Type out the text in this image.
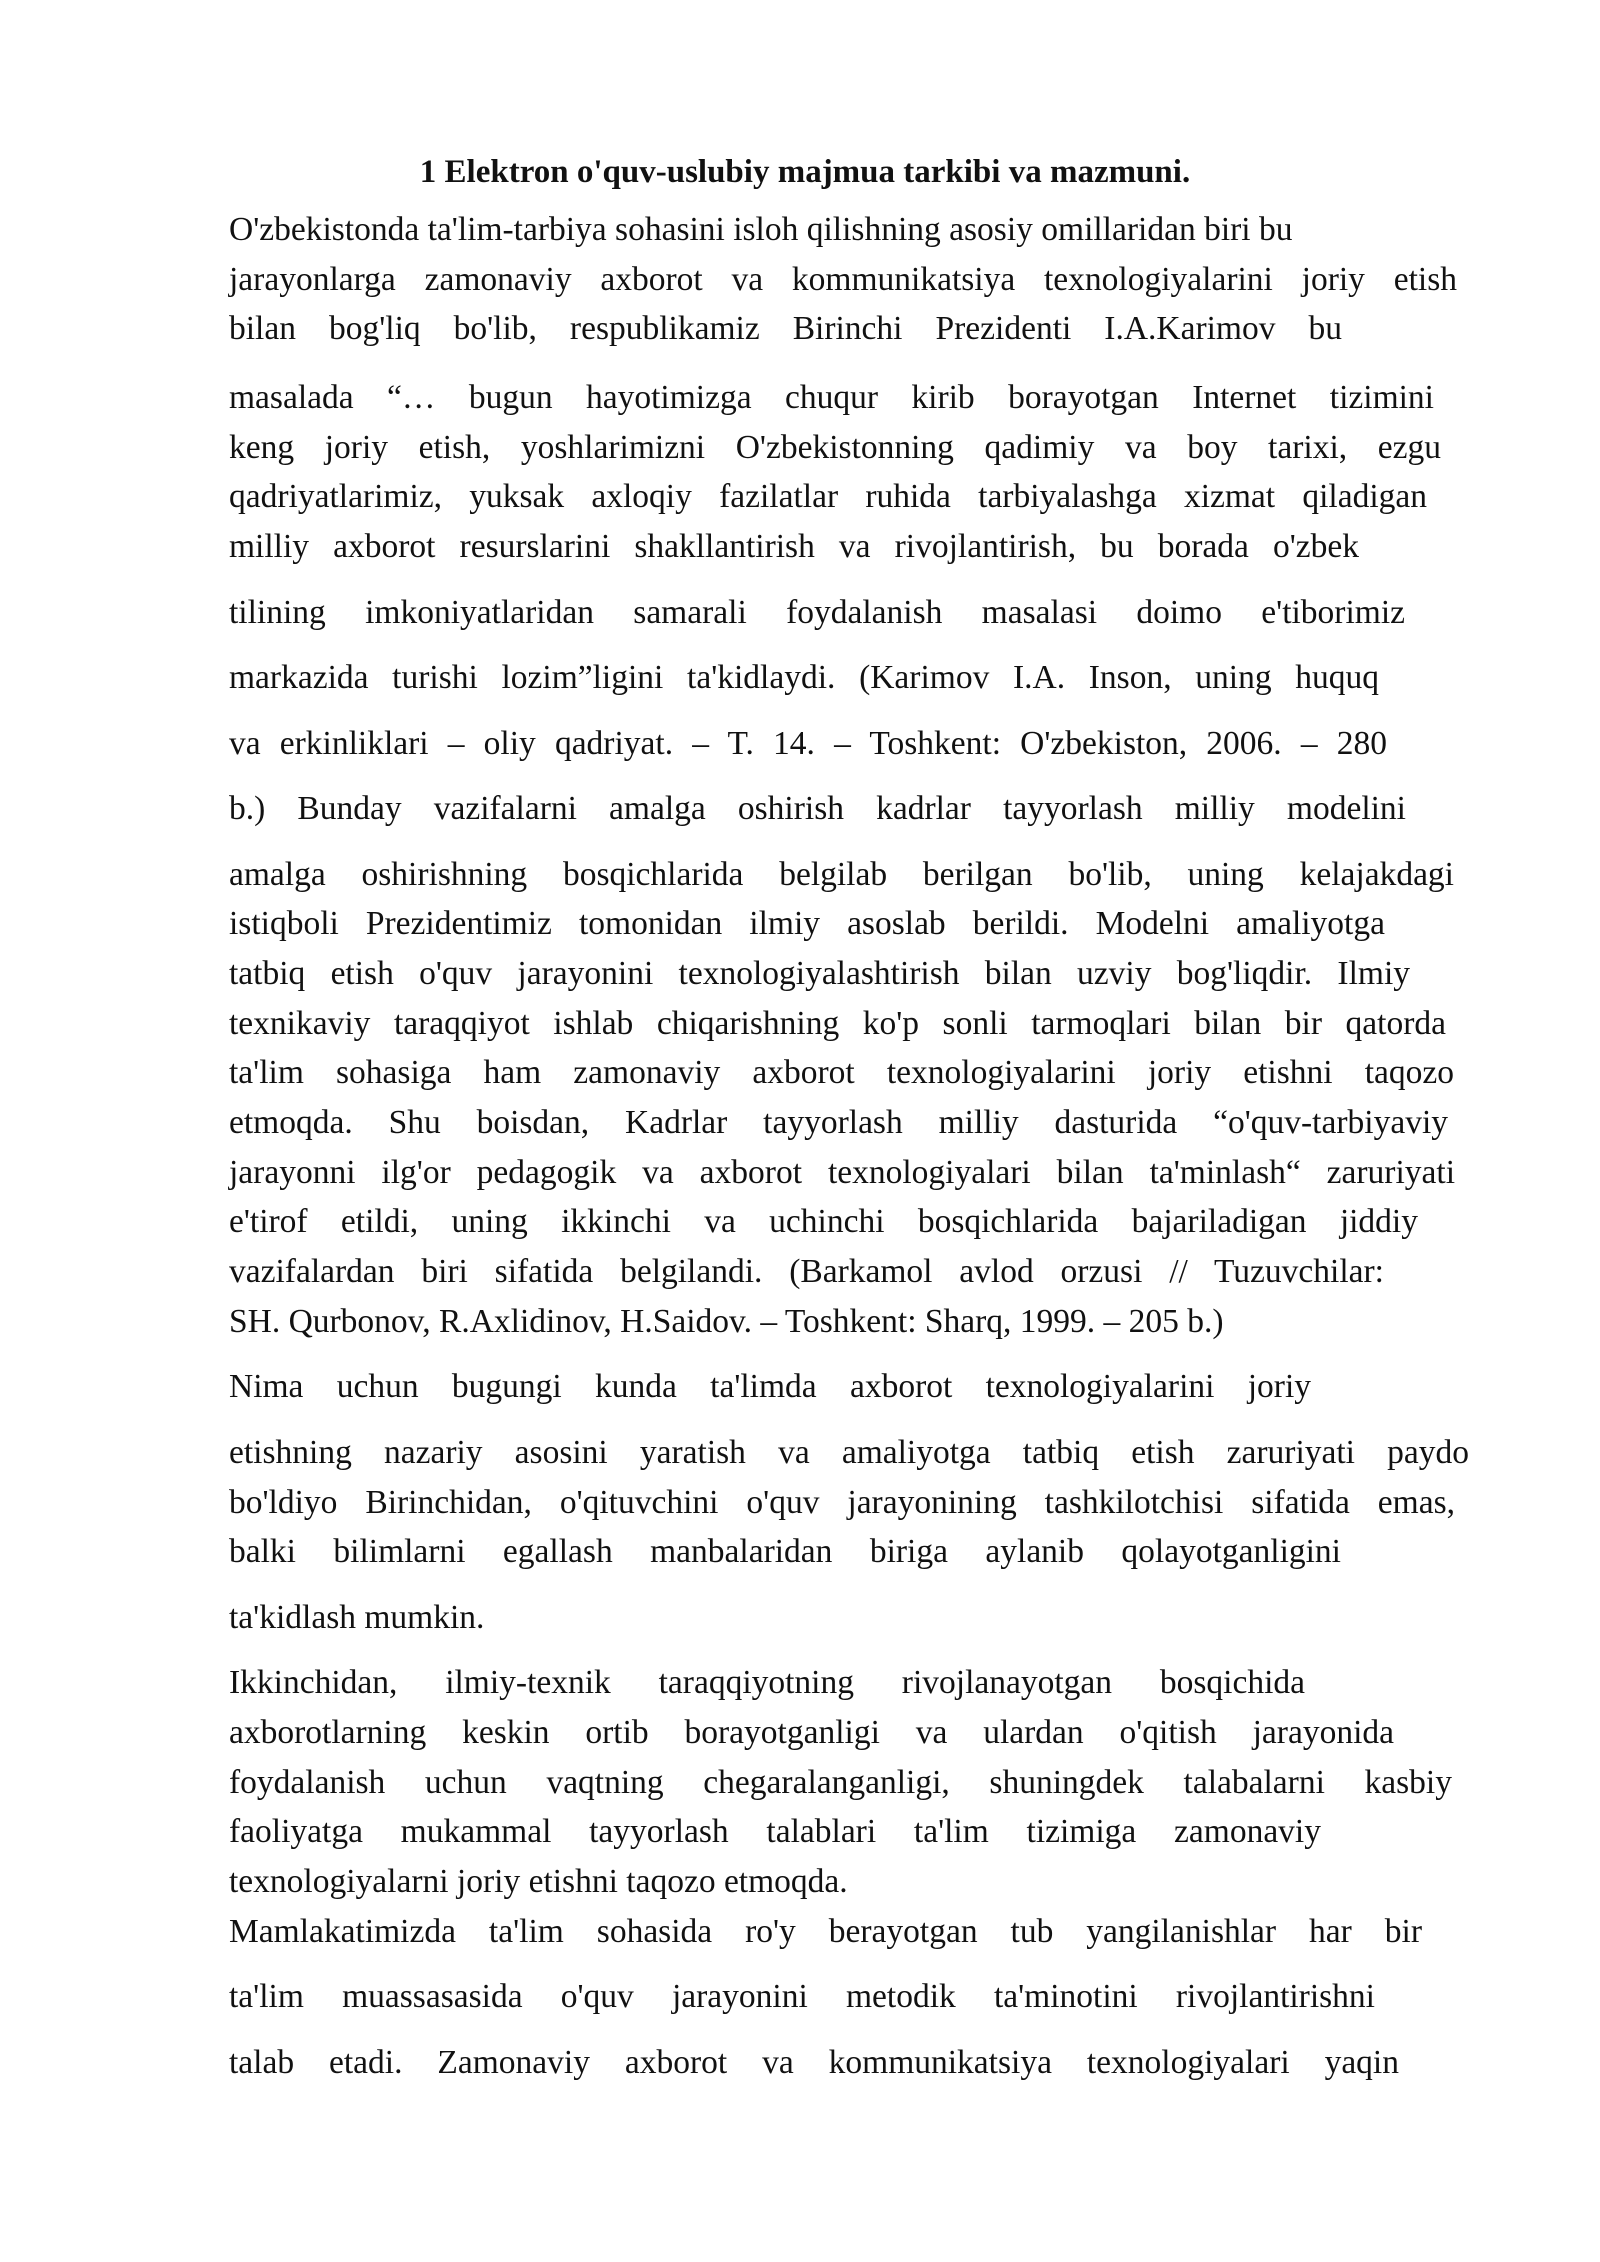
1 Elektron o'quv-uslubiy majmua tarkibi va mazmuni.
O'zbekistonda ta'lim-tarbiya sohasini isloh qilishning asosiy omillaridan biri bu
jarayonlarga zamonaviy axborot va kommunikatsiya texnologiyalarini joriy etish
bilan bog'liq bo'lib, respublikamiz Birinchi Prezidenti I.A.Karimov bu
masalada “… bugun hayotimizga chuqur kirib borayotgan Internet tizimini
keng joriy etish, yoshlarimizni O'zbekistonning qadimiy va boy tarixi, ezgu
qadriyatlarimiz, yuksak axloqiy fazilatlar ruhida tarbiyalashga xizmat qiladigan
milliy axborot resurslarini shakllantirish va rivojlantirish, bu borada o'zbek
tilining imkoniyatlaridan samarali foydalanish masalasi doimo e'tiborimiz
markazida turishi lozim”ligini ta'kidlaydi. (Karimov I.A. Inson, uning huquq
va erkinliklari – oliy qadriyat. – T. 14. – Toshkent: O'zbekiston, 2006. – 280
b.) Bunday vazifalarni amalga oshirish kadrlar tayyorlash milliy modelini
amalga oshirishning bosqichlarida belgilab berilgan bo'lib, uning kelajakdagi
istiqboli Prezidentimiz tomonidan ilmiy asoslab berildi. Modelni amaliyotga
tatbiq etish o'quv jarayonini texnologiyalashtirish bilan uzviy bog'liqdir. Ilmiy
texnikaviy taraqqiyot ishlab chiqarishning ko'p sonli tarmoqlari bilan bir qatorda
ta'lim sohasiga ham zamonaviy axborot texnologiyalarini joriy etishni taqozo
etmoqda. Shu boisdan, Kadrlar tayyorlash milliy dasturida “o'quv-tarbiyaviy
jarayonni ilg'or pedagogik va axborot texnologiyalari bilan ta'minlash“ zaruriyati
e'tirof etildi, uning ikkinchi va uchinchi bosqichlarida bajariladigan jiddiy
vazifalardan biri sifatida belgilandi. (Barkamol avlod orzusi // Tuzuvchilar:
SH. Qurbonov, R.Axlidinov, H.Saidov. – Toshkent: Sharq, 1999. – 205 b.)
Nima uchun bugungi kunda ta'limda axborot texnologiyalarini joriy
etishning nazariy asosini yaratish va amaliyotga tatbiq etish zaruriyati paydo
bo'ldiyo Birinchidan, o'qituvchini o'quv jarayonining tashkilotchisi sifatida emas,
balki bilimlarni egallash manbalaridan biriga aylanib qolayotganligini
ta'kidlash mumkin.
Ikkinchidan, ilmiy-texnik taraqqiyotning rivojlanayotgan bosqichida
axborotlarning keskin ortib borayotganligi va ulardan o'qitish jarayonida
foydalanish uchun vaqtning chegaralanganligi, shuningdek talabalarni kasbiy
faoliyatga mukammal tayyorlash talablari ta'lim tizimiga zamonaviy
texnologiyalarni joriy etishni taqozo etmoqda.
Mamlakatimizda ta'lim sohasida ro'y berayotgan tub yangilanishlar har bir
ta'lim muassasasida o'quv jarayonini metodik ta'minotini rivojlantirishni
talab etadi. Zamonaviy axborot va kommunikatsiya texnologiyalari yaqin
